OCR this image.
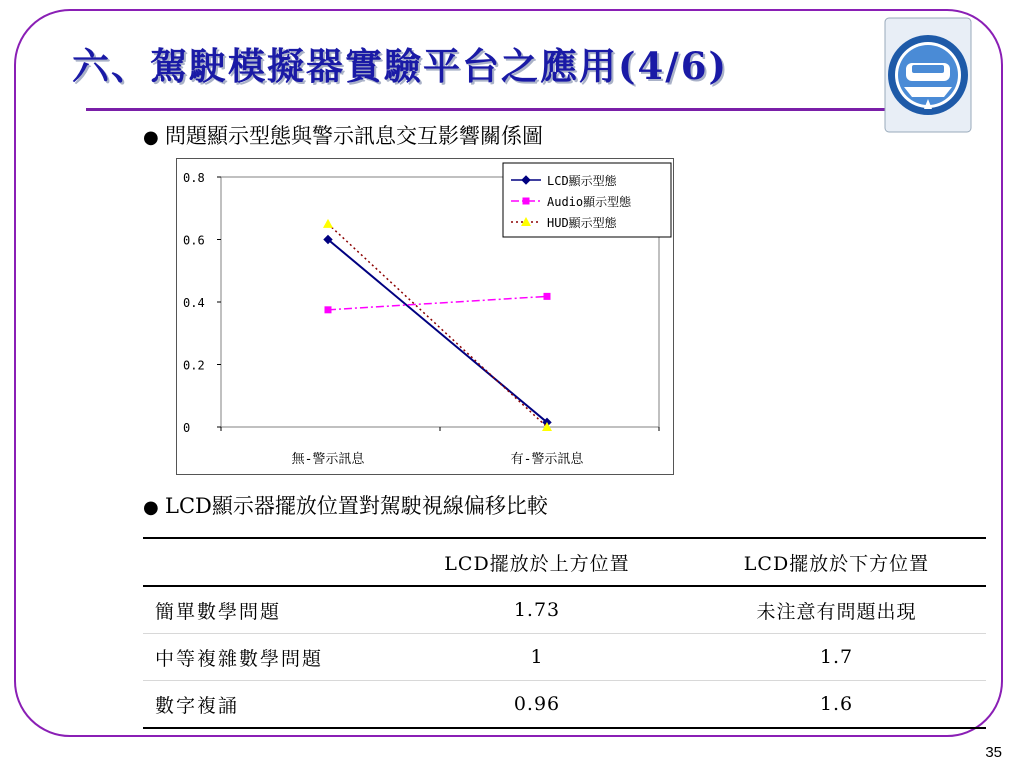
六、駕駛模擬器實驗平台之應用(4/6)
● 問題顯示型態與警示訊息交互影響關係圖
0.8
0.6
0.4
0.2
0
無-警示訊息	有-警示訊息
LCD顯示型態
Audio顯示型態
HUD顯示型態
● LCD顯示器擺放位置對駕駛視線偏移比較
	LCD擺放於上方位置	LCD擺放於下方位置
簡單數學問題	1.73	未注意有問題出現
中等複雜數學問題	1	1.7
數字複誦	0.96	1.6
35
